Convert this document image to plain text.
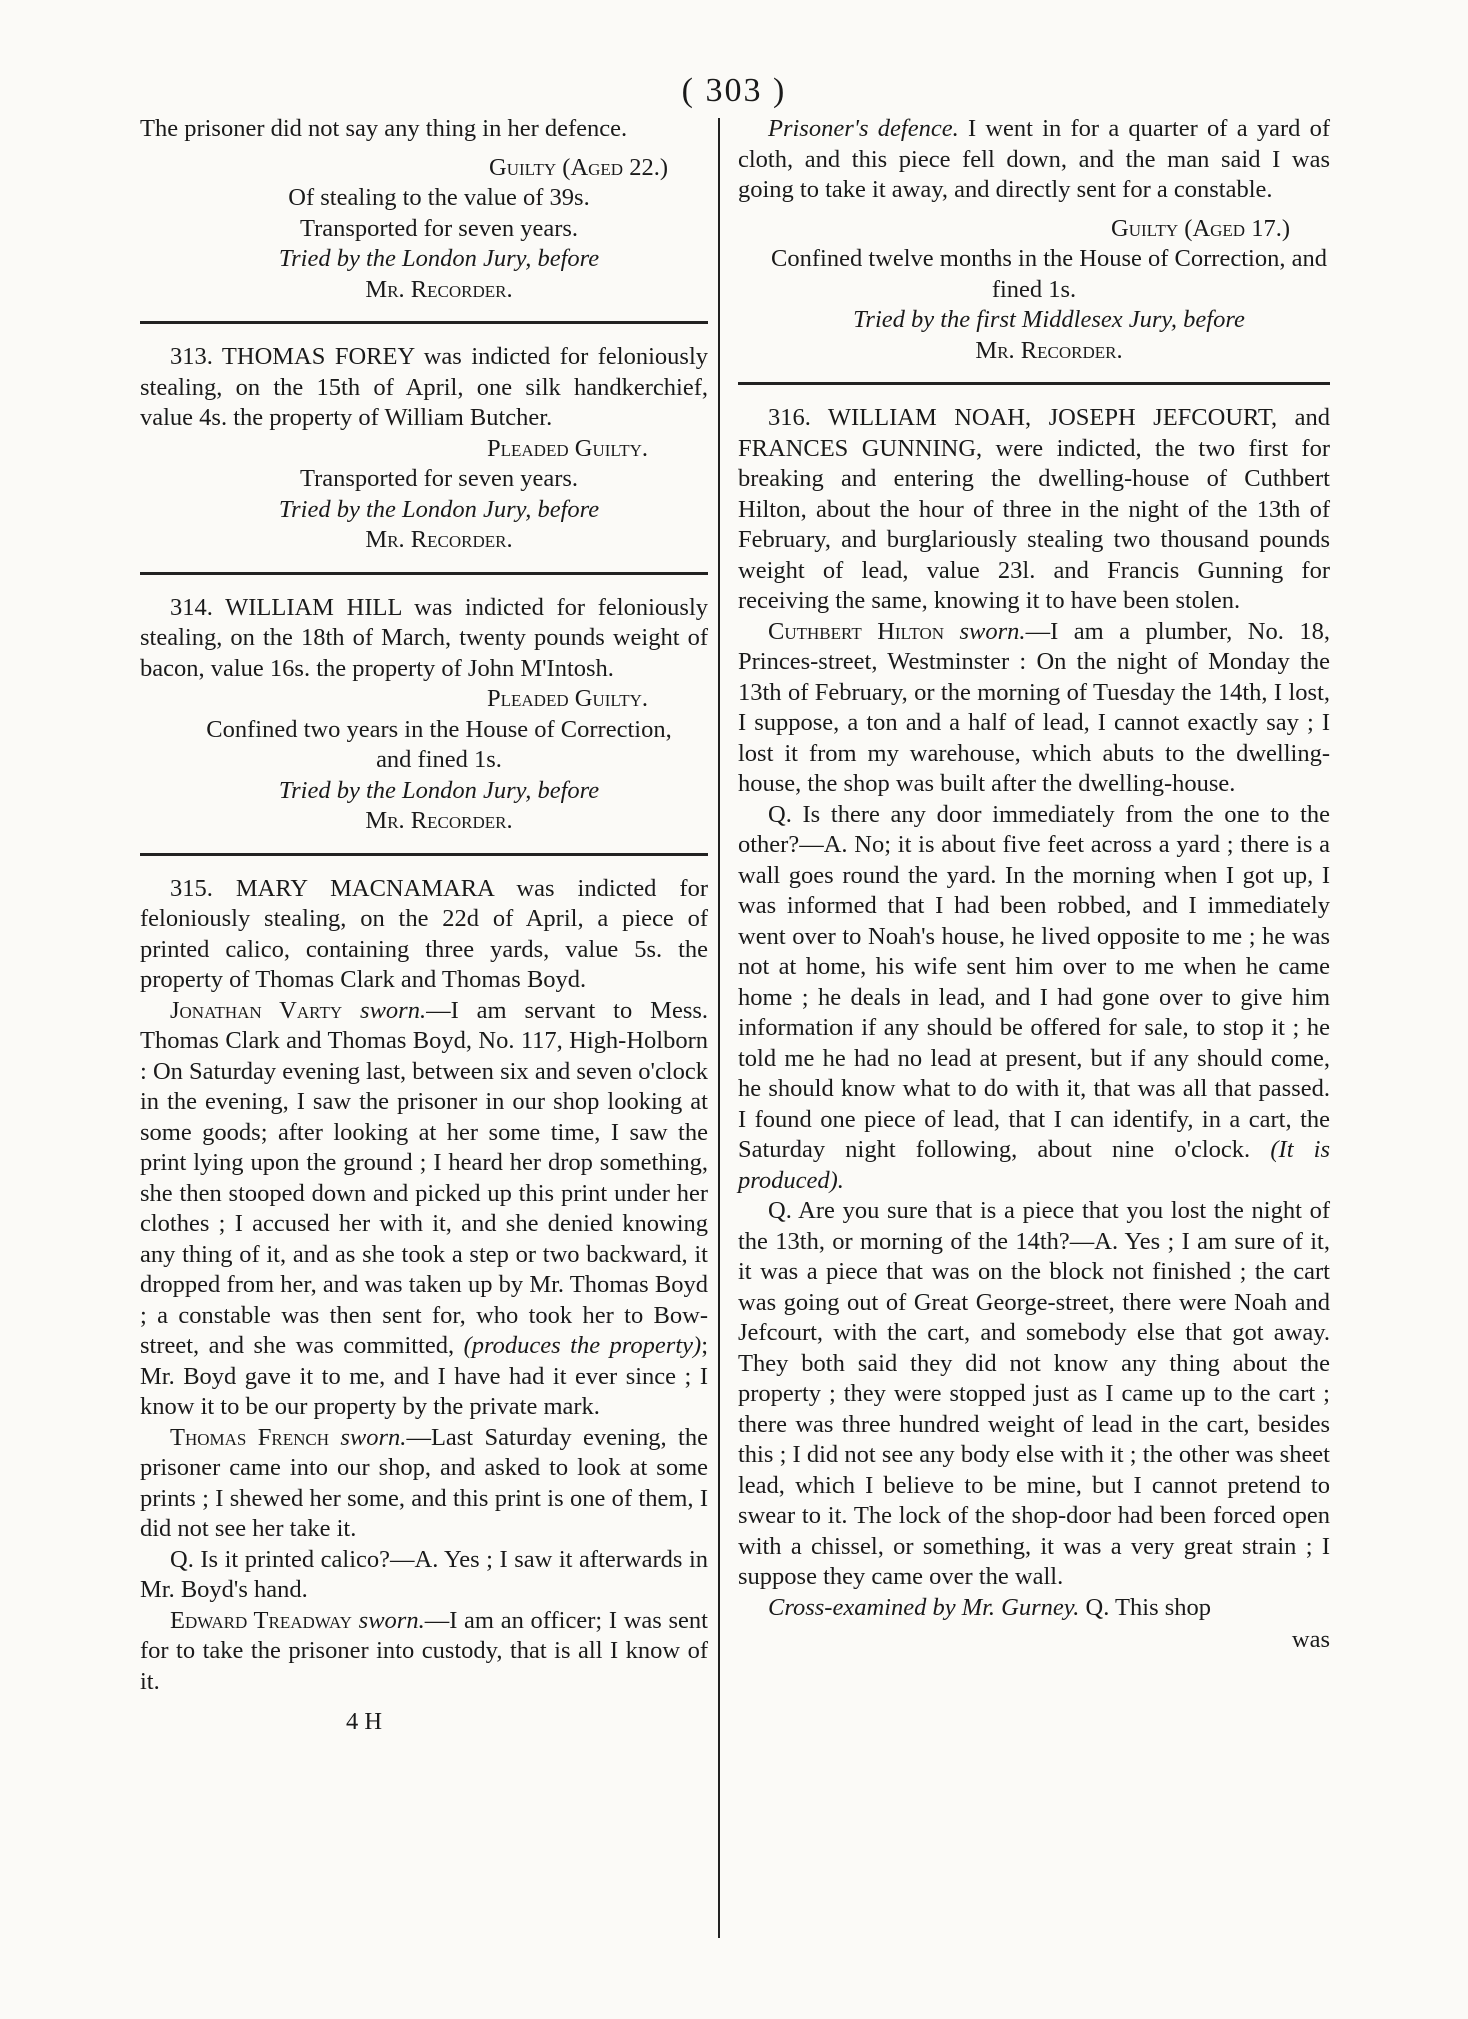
( 303 )

The prisoner did not say any thing in her defence.

Guilty (Aged 22.)

Of stealing to the value of 39s.

Transported for seven years.

Tried by the London Jury, before

Mr. Recorder.

313. THOMAS FOREY was indicted for feloniously stealing, on the 15th of April, one silk handkerchief, value 4s. the property of William Butcher.

Pleaded Guilty.

Transported for seven years.

Tried by the London Jury, before

Mr. Recorder.

314. WILLIAM HILL was indicted for feloniously stealing, on the 18th of March, twenty pounds weight of bacon, value 16s. the property of John M'Intosh.

Pleaded Guilty.

Confined two years in the House of Correction,

and fined 1s.

Tried by the London Jury, before

Mr. Recorder.

315. MARY MACNAMARA was indicted for feloniously stealing, on the 22d of April, a piece of printed calico, containing three yards, value 5s. the property of Thomas Clark and Thomas Boyd.

Jonathan Varty sworn.—I am servant to Mess. Thomas Clark and Thomas Boyd, No. 117, High-Holborn : On Saturday evening last, between six and seven o'clock in the evening, I saw the prisoner in our shop looking at some goods; after looking at her some time, I saw the print lying upon the ground ; I heard her drop something, she then stooped down and picked up this print under her clothes ; I accused her with it, and she denied knowing any thing of it, and as she took a step or two backward, it dropped from her, and was taken up by Mr. Thomas Boyd ; a constable was then sent for, who took her to Bow-street, and she was committed, (produces the property); Mr. Boyd gave it to me, and I have had it ever since ; I know it to be our property by the private mark.

Thomas French sworn.—Last Saturday evening, the prisoner came into our shop, and asked to look at some prints ; I shewed her some, and this print is one of them, I did not see her take it.

Q. Is it printed calico?—A. Yes ; I saw it afterwards in Mr. Boyd's hand.

Edward Treadway sworn.—I am an officer; I was sent for to take the prisoner into custody, that is all I know of it.

4 H

Prisoner's defence. I went in for a quarter of a yard of cloth, and this piece fell down, and the man said I was going to take it away, and directly sent for a constable.

Guilty (Aged 17.)

Confined twelve months in the House of Correction, and fined 1s.

Tried by the first Middlesex Jury, before

Mr. Recorder.

316. WILLIAM NOAH, JOSEPH JEFCOURT, and FRANCES GUNNING, were indicted, the two first for breaking and entering the dwelling-house of Cuthbert Hilton, about the hour of three in the night of the 13th of February, and burglariously stealing two thousand pounds weight of lead, value 23l. and Francis Gunning for receiving the same, knowing it to have been stolen.

Cuthbert Hilton sworn.—I am a plumber, No. 18, Princes-street, Westminster : On the night of Monday the 13th of February, or the morning of Tuesday the 14th, I lost, I suppose, a ton and a half of lead, I cannot exactly say ; I lost it from my warehouse, which abuts to the dwelling-house, the shop was built after the dwelling-house.

Q. Is there any door immediately from the one to the other?—A. No; it is about five feet across a yard ; there is a wall goes round the yard. In the morning when I got up, I was informed that I had been robbed, and I immediately went over to Noah's house, he lived opposite to me ; he was not at home, his wife sent him over to me when he came home ; he deals in lead, and I had gone over to give him information if any should be offered for sale, to stop it ; he told me he had no lead at present, but if any should come, he should know what to do with it, that was all that passed. I found one piece of lead, that I can identify, in a cart, the Saturday night following, about nine o'clock. (It is produced).

Q. Are you sure that is a piece that you lost the night of the 13th, or morning of the 14th?—A. Yes ; I am sure of it, it was a piece that was on the block not finished ; the cart was going out of Great George-street, there were Noah and Jefcourt, with the cart, and somebody else that got away. They both said they did not know any thing about the property ; they were stopped just as I came up to the cart ; there was three hundred weight of lead in the cart, besides this ; I did not see any body else with it ; the other was sheet lead, which I believe to be mine, but I cannot pretend to swear to it. The lock of the shop-door had been forced open with a chissel, or something, it was a very great strain ; I suppose they came over the wall.

Cross-examined by Mr. Gurney. Q. This shop

was
